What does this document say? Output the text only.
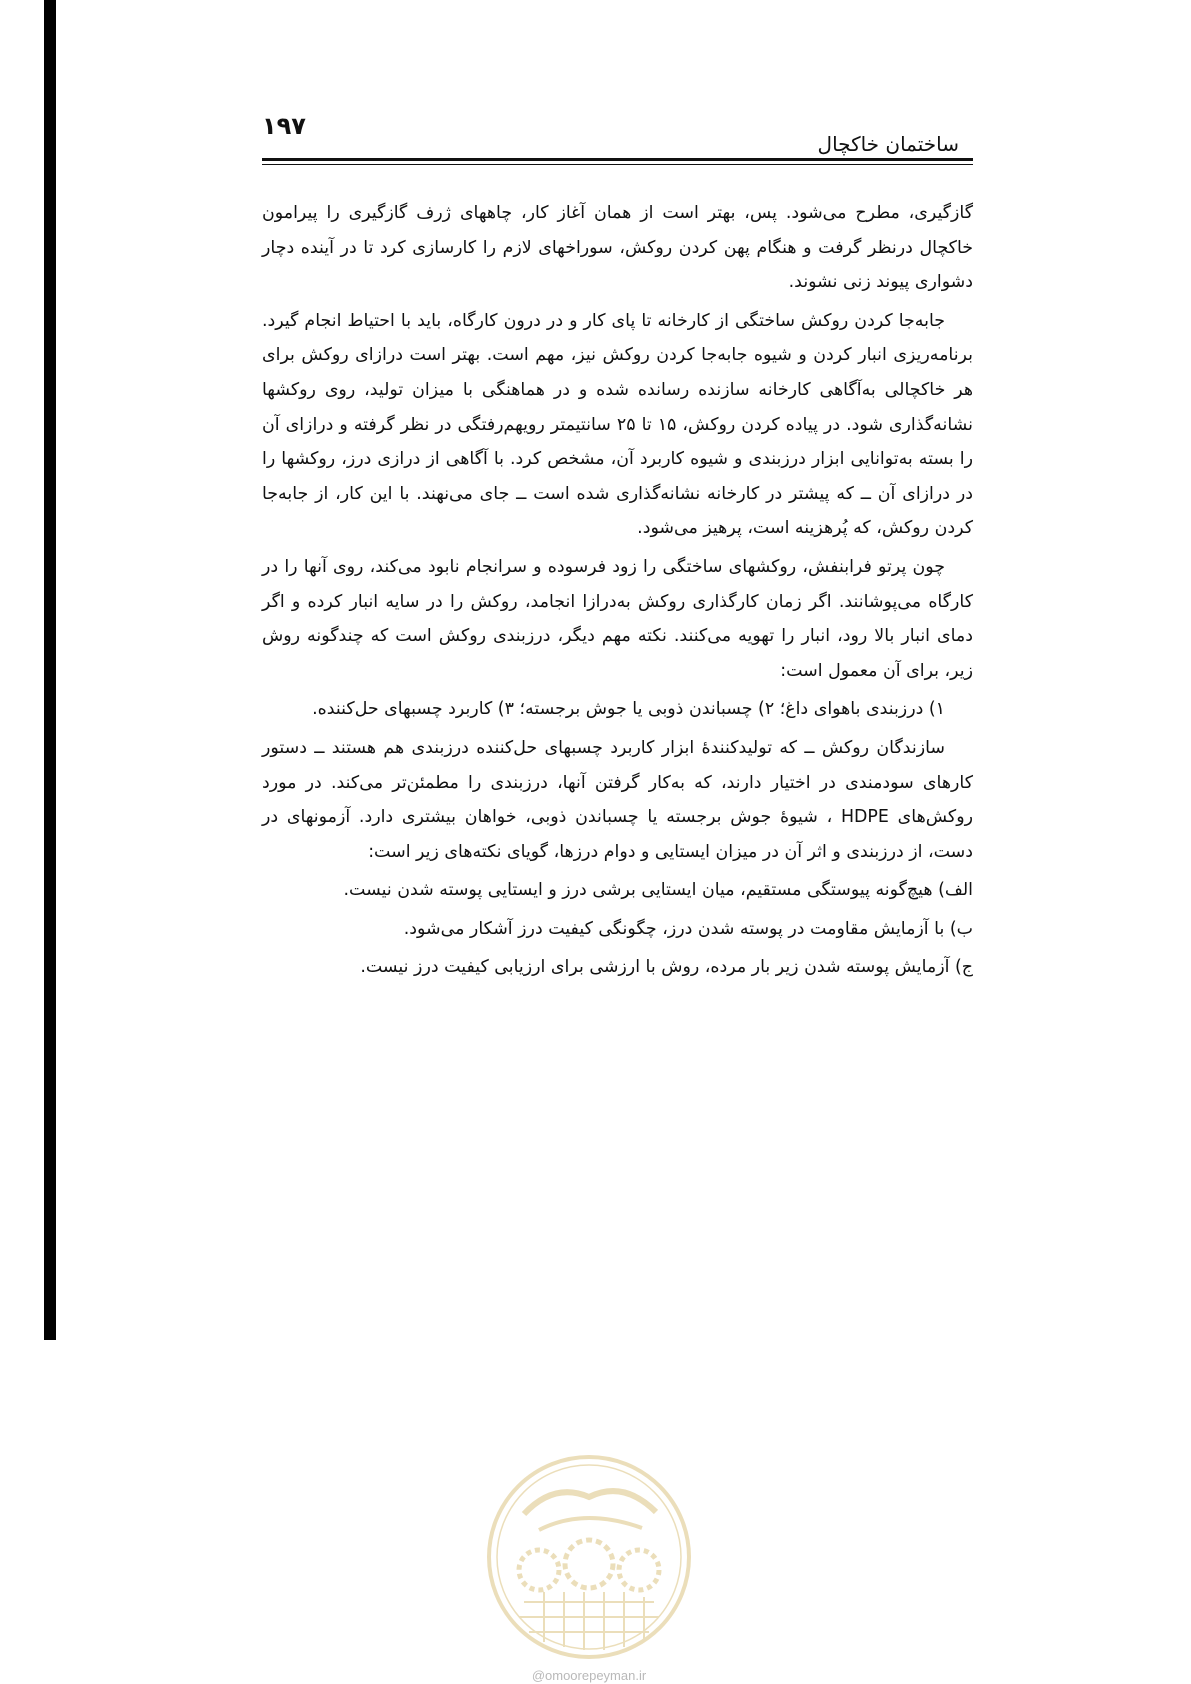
۱۹۷
ساختمان خاکچال

گازگیری، مطرح می‌شود. پس، بهتر است از همان آغاز کار، چاههای ژرف گازگیری را پیرامون خاکچال درنظر گرفت و هنگام پهن کردن روکش، سوراخهای لازم را کارسازی کرد تا در آینده دچار دشواری پیوند زنی نشوند.

جابه‌جا کردن روکش ساختگی از کارخانه تا پای کار و در درون کارگاه، باید با احتیاط انجام گیرد. برنامه‌ریزی انبار کردن و شیوه جابه‌جا کردن روکش نیز، مهم است. بهتر است درازای روکش برای هر خاکچالی به‌آگاهی کارخانه سازنده رسانده شده و در هماهنگی با میزان تولید، روی روکشها نشانه‌گذاری شود. در پیاده کردن روکش، ۱۵ تا ۲۵ سانتیمتر رویهم‌رفتگی در نظر گرفته و درازای آن را بسته به‌توانایی ابزار درزبندی و شیوه کاربرد آن، مشخص کرد. با آگاهی از درازی درز، روکشها را در درازای آن ــ که پیشتر در کارخانه نشانه‌گذاری شده است ــ جای می‌نهند. با این کار، از جابه‌جا کردن روکش، که پُرهزینه است، پرهیز می‌شود.

چون پرتو فرابنفش، روکشهای ساختگی را زود فرسوده و سرانجام نابود می‌کند، روی آنها را در کارگاه می‌پوشانند. اگر زمان کارگذاری روکش به‌درازا انجامد، روکش را در سایه انبار کرده و اگر دمای انبار بالا رود، انبار را تهویه می‌کنند. نکته مهم دیگر، درزبندی روکش است که چندگونه روش زیر، برای آن معمول است:

۱) درزبندی باهوای داغ؛ ۲) چسباندن ذوبی یا جوش برجسته؛ ۳) کاربرد چسبهای حل‌کننده.

سازندگان روکش ــ که تولیدکنندهٔ ابزار کاربرد چسبهای حل‌کننده درزبندی هم هستند ــ دستور کارهای سودمندی در اختیار دارند، که به‌کار گرفتن آنها، درزبندی را مطمئن‌تر می‌کند. در مورد روکش‌های HDPE ، شیوهٔ جوش برجسته یا چسباندن ذوبی، خواهان بیشتری دارد. آزمونهای در دست، از درزبندی و اثر آن در میزان ایستایی و دوام درزها، گویای نکته‌های زیر است:

الف) هیچ‌گونه پیوستگی مستقیم، میان ایستایی برشی درز و ایستایی پوسته شدن نیست.

ب) با آزمایش مقاومت در پوسته شدن درز، چگونگی کیفیت درز آشکار می‌شود.

ج) آزمایش پوسته شدن زیر بار مرده، روش با ارزشی برای ارزیابی کیفیت درز نیست.

@omoorepeyman.ir
